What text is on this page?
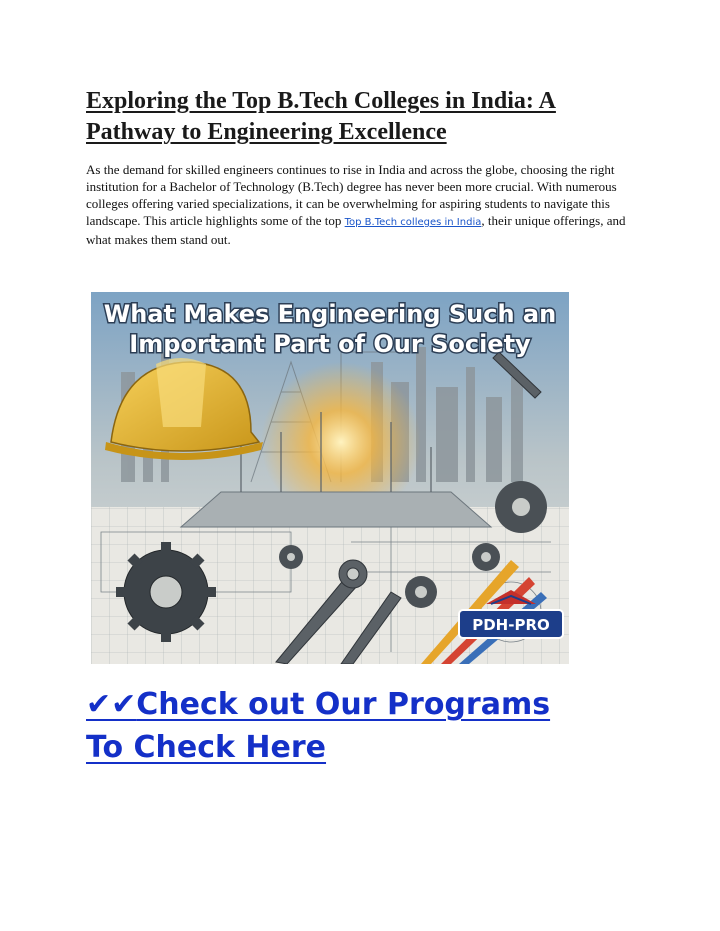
Exploring the Top B.Tech Colleges in India: A Pathway to Engineering Excellence

As the demand for skilled engineers continues to rise in India and across the globe, choosing the right institution for a Bachelor of Technology (B.Tech) degree has never been more crucial. With numerous colleges offering varied specializations, it can be overwhelming for aspiring students to navigate this landscape. This article highlights some of the top Top B.Tech colleges in India, their unique offerings, and what makes them stand out.

What Makes Engineering Such an
Important Part of Our Society
PDH-PRO
✔✔Check out Our Programs
To Check Here
